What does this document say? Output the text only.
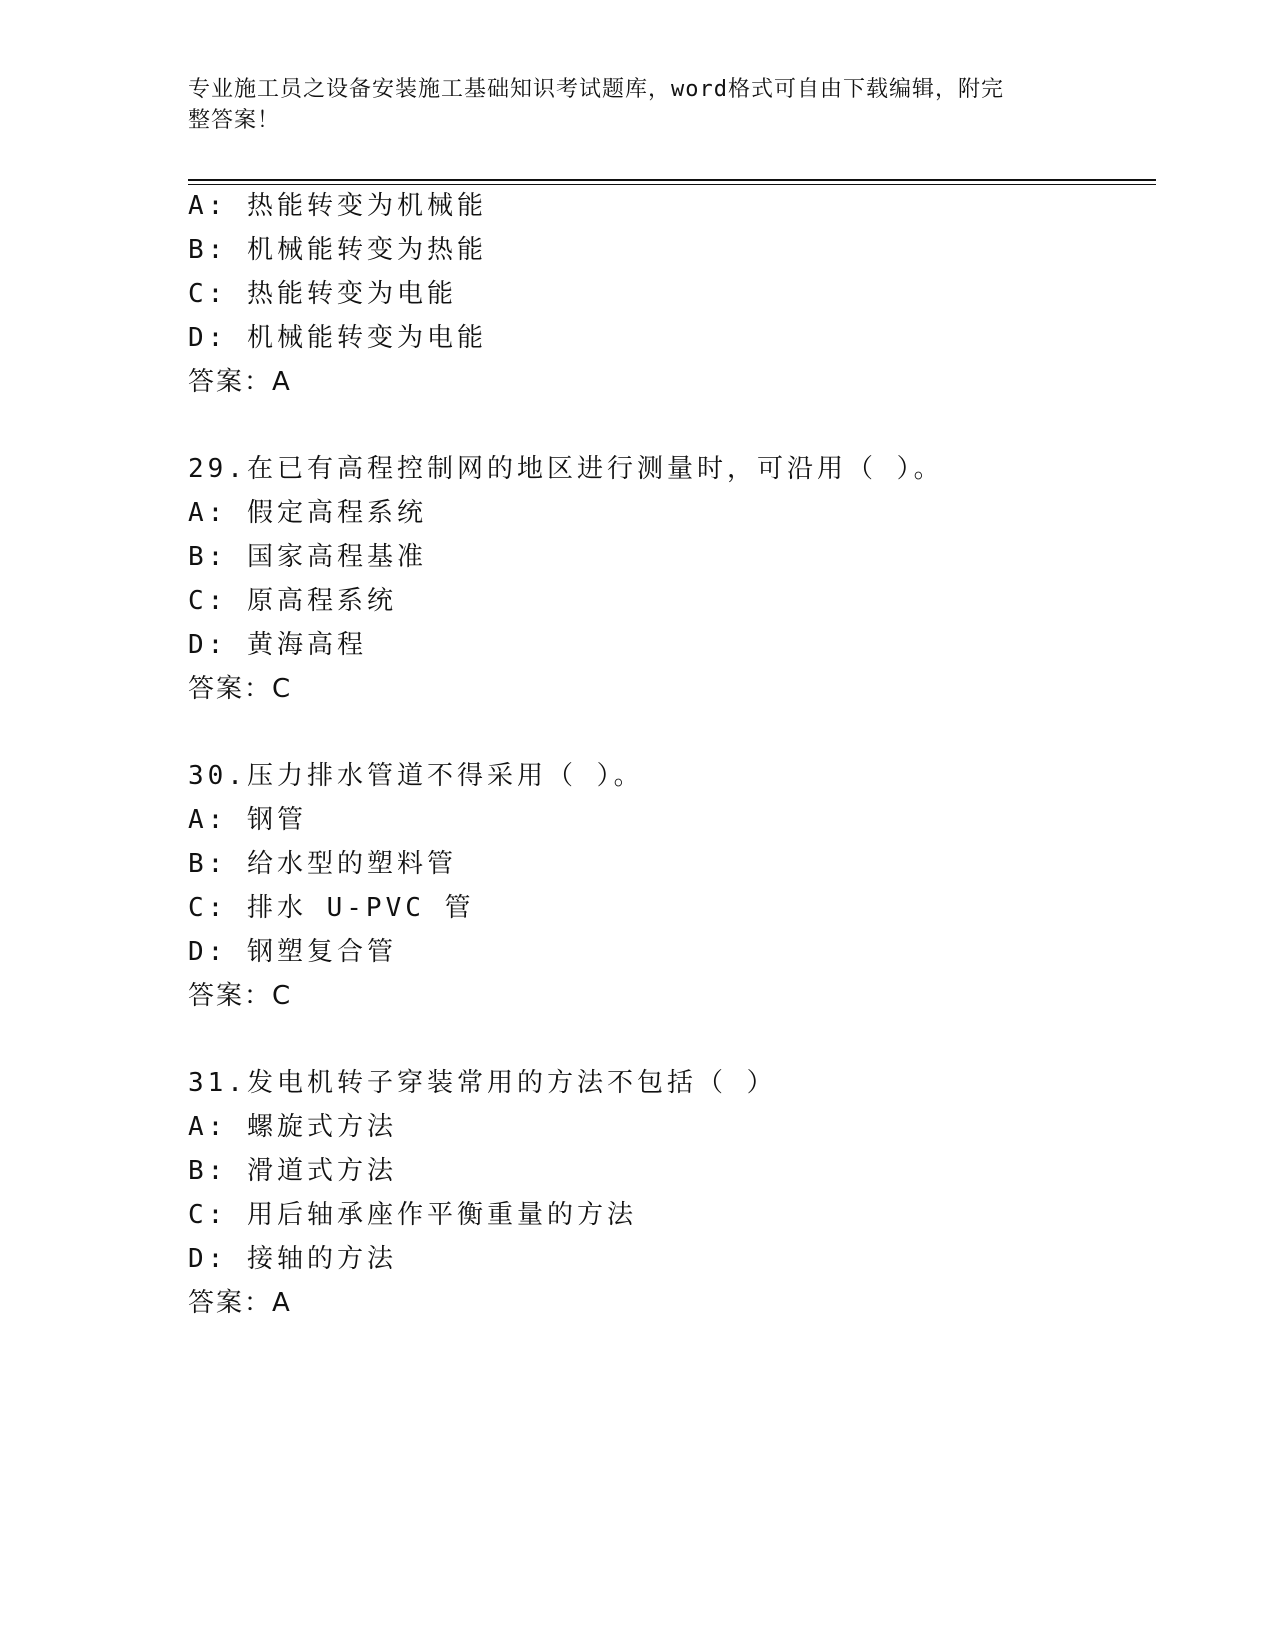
专业施工员之设备安装施工基础知识考试题库，word格式可自由下载编辑，附完
整答案！
A: 热能转变为机械能
B: 机械能转变为热能
C: 热能转变为电能
D: 机械能转变为电能
答案：A
29.在已有高程控制网的地区进行测量时，可沿用（ ）。
A: 假定高程系统
B: 国家高程基准
C: 原高程系统
D: 黄海高程
答案：C
30.压力排水管道不得采用（ ）。
A: 钢管
B: 给水型的塑料管
C: 排水 U-PVC 管
D: 钢塑复合管
答案：C
31.发电机转子穿装常用的方法不包括（ ）
A: 螺旋式方法
B: 滑道式方法
C: 用后轴承座作平衡重量的方法
D: 接轴的方法
答案：A
